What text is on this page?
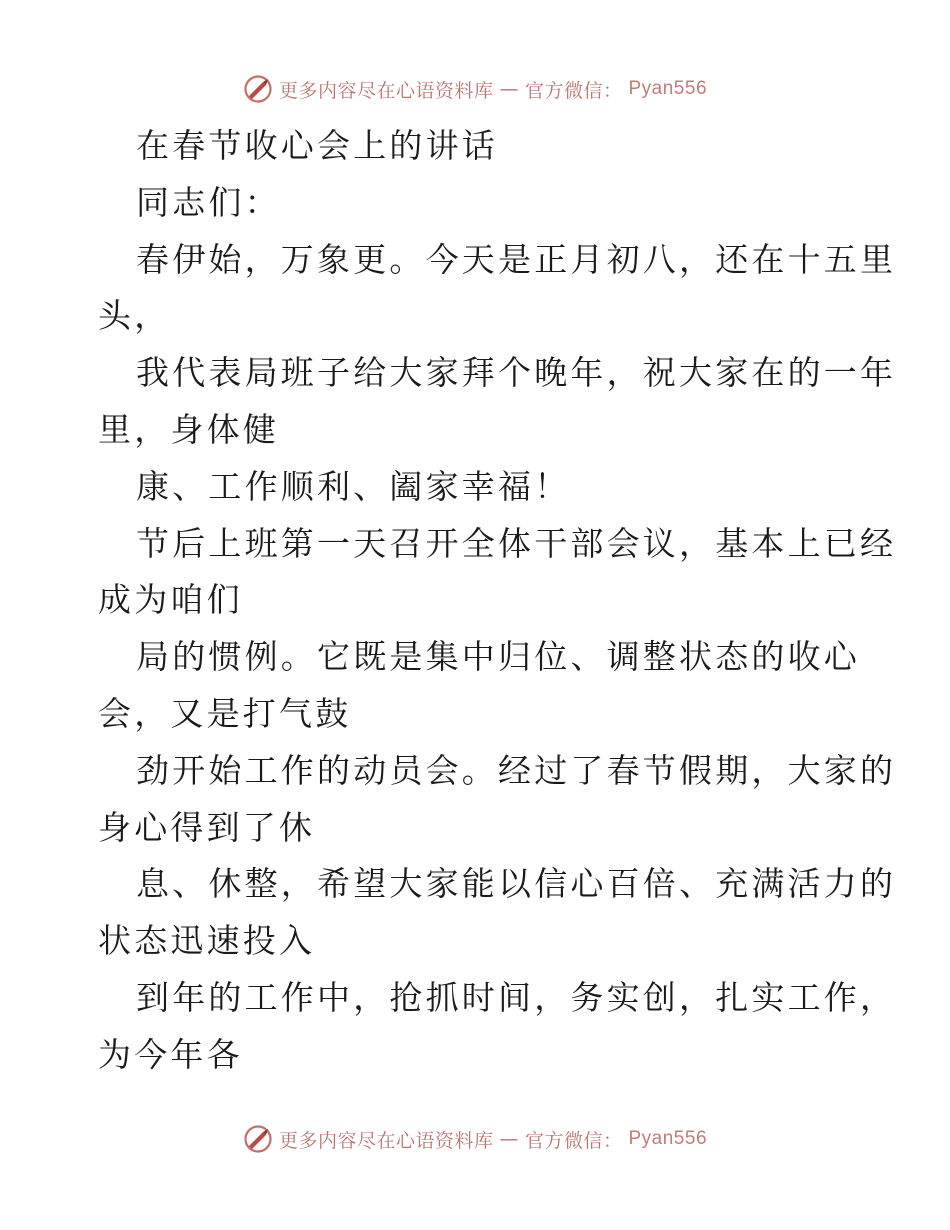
更多内容尽在心语资料库 — 官方微信： Pyan556
在春节收心会上的讲话
同志们：
春伊始，万象更。今天是正月初八，还在十五里
头，
我代表局班子给大家拜个晚年，祝大家在的一年
里，身体健
康、工作顺利、阖家幸福！
节后上班第一天召开全体干部会议，基本上已经
成为咱们
局的惯例。它既是集中归位、调整状态的收心
会，又是打气鼓
劲开始工作的动员会。经过了春节假期，大家的
身心得到了休
息、休整，希望大家能以信心百倍、充满活力的
状态迅速投入
到年的工作中，抢抓时间，务实创，扎实工作，
为今年各
更多内容尽在心语资料库 — 官方微信： Pyan556
